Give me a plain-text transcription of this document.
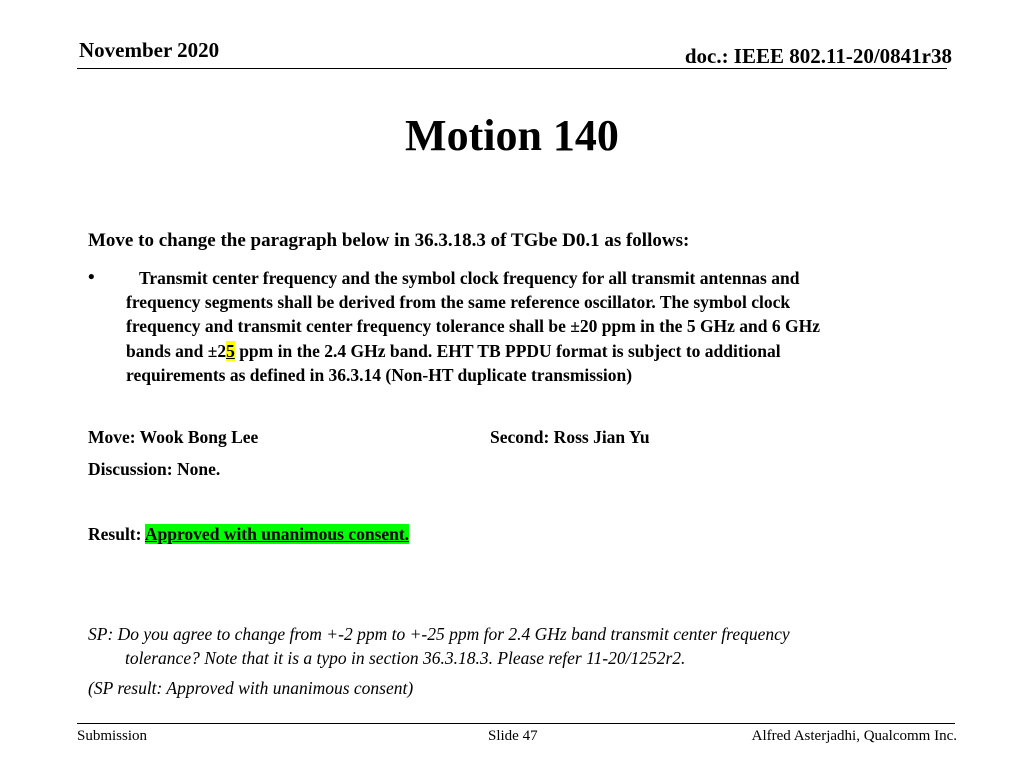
November 2020	doc.: IEEE 802.11-20/0841r38
Motion 140
Move to change the paragraph below in 36.3.18.3 of TGbe D0.1 as follows:
•	Transmit center frequency and the symbol clock frequency for all transmit antennas and
frequency segments shall be derived from the same reference oscillator. The symbol clock
frequency and transmit center frequency tolerance shall be ±20 ppm in the 5 GHz and 6 GHz
bands and ±25 ppm in the 2.4 GHz band. EHT TB PPDU format is subject to additional
requirements as defined in 36.3.14 (Non-HT duplicate transmission)
Move: Wook Bong Lee	Second: Ross Jian Yu
Discussion: None.
Result: Approved with unanimous consent.
SP: Do you agree to change from +-2 ppm to +-25 ppm for 2.4 GHz band transmit center frequency
tolerance? Note that it is a typo in section 36.3.18.3. Please refer 11-20/1252r2.
(SP result: Approved with unanimous consent)
Submission	Slide 47	Alfred Asterjadhi, Qualcomm Inc.
